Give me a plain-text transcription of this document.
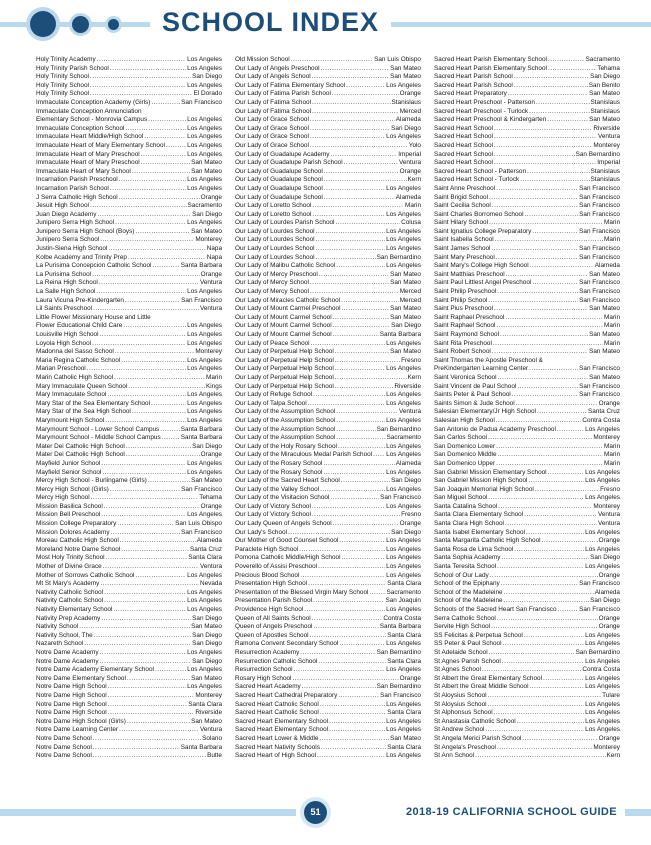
SCHOOL INDEX
Holy Trinity Academy .....	Los Angeles
Holy Trinity Parish School .....	Los Angeles
Holy Trinity School .....	San Diego
Holy Trinity School .....	Los Angeles
Holy Trinity School .....	El Dorado
Immaculate Conception Academy (Girls) .....	San Francisco
Immaculate Conception Annunciation
Elementary School - Monrovia Campus .....	Los Angeles
Immaculate Conception School .....	Los Angeles
Immaculate Heart Middle/High School .....	Los Angeles
Immaculate Heart of Mary Elementary School .....	Los Angeles
Immaculate Heart of Mary Preschool .....	Los Angeles
Immaculate Heart of Mary Preschool .....	San Mateo
Immaculate Heart of Mary School .....	San Mateo
Incarnation Parish Preschool .....	Los Angeles
Incarnation Parish School .....	Los Angeles
J Serra Catholic High School .....	Orange
Jesuit High School .....	Sacramento
Juan Diego Academy .....	San Diego
Junipero Serra High School .....	Los Angeles
Junipero Serra High School (Boys) .....	San Mateo
Junipero Serra School .....	Monterey
Justin-Siena High School .....	Napa
Kolbe Academy and Trinity Prep .....	Napa
La Purisima Concepcion Catholic School .....	Santa Barbara
La Purisima School .....	Orange
La Reina High School .....	Ventura
La Salle High School .....	Los Angeles
Laura Vicuna Pre-Kindergarten .....	San Francisco
Lil Saints Preschool .....	Ventura
Little Flower Missionary House and Little
Flower Educational Child Care .....	Los Angeles
Louisville High School .....	Los Angeles
Loyola High School .....	Los Angeles
Madonna del Sasso School .....	Monterey
Maria Regina Catholic School .....	Los Angeles
Marian Preschool .....	Los Angeles
Marin Catholic High School .....	Marin
Mary Immaculate Queen School .....	Kings
Mary Immaculate School .....	Los Angeles
Mary Star of the Sea Elementary School .....	Los Angeles
Mary Star of the Sea High School .....	Los Angeles
Marymount High School .....	Los Angeles
Marymount School - Lower School Campus .....	Santa Barbara
Marymount School - Middle School Campus .....	Santa Barbara
Mater Dei Catholic High School .....	San Diego
Mater Dei Catholic High School .....	Orange
Mayfield Junior School .....	Los Angeles
Mayfield Senior School .....	Los Angeles
Mercy High School - Burlingame (Girls) .....	San Mateo
Mercy High School (Girls) .....	San Francisco
Mercy High School .....	Tehama
Mission Basilica School .....	Orange
Mission Bell Preschool .....	Los Angeles
Mission College Preparatory .....	San Luis Obispo
Mission Dolores Academy .....	San Francisco
Moreau Catholic High School .....	Alameda
Moreland Notre Dame School .....	Santa Cruz
Most Holy Trinity School .....	Santa Clara
Mother of Divine Grace .....	Ventura
Mother of Sorrows Catholic School .....	Los Angeles
Mt St Mary's Academy .....	Nevada
Nativity Catholic School .....	Los Angeles
Nativity Catholic School .....	Los Angeles
Nativity Elementary School .....	Los Angeles
Nativity Prep Academy .....	San Diego
Nativity School .....	San Mateo
Nativity School, The .....	San Diego
Nazareth School .....	San Diego
Notre Dame Academy .....	Los Angeles
Notre Dame Academy .....	San Diego
Notre Dame Academy Elementary School .....	Los Angeles
Notre Dame Elementary School .....	San Mateo
Notre Dame High School .....	Los Angeles
Notre Dame High School .....	Monterey
Notre Dame High School .....	Santa Clara
Notre Dame High School .....	Riverside
Notre Dame High School (Girls) .....	San Mateo
Notre Dame Learning Center .....	Ventura
Notre Dame School .....	Solano
Notre Dame School .....	Santa Barbara
Notre Dame School .....	Butte
Old Mission School .....	San Luis Obispo
Our Lady of Angels Preschool .....	San Mateo
Our Lady of Angels School .....	San Mateo
Our Lady of Fatima Elementary School .....	Los Angeles
Our Lady of Fatima Parish School .....	Orange
Our Lady of Fatima School .....	Stanislaus
Our Lady of Fatima School .....	Merced
Our Lady of Grace School .....	Alameda
Our Lady of Grace School .....	San Diego
Our Lady of Grace School .....	Los Angeles
Our Lady of Grace School .....	Yolo
Our Lady of Guadalupe Academy .....	Imperial
Our Lady of Guadalupe Parish School .....	Ventura
Our Lady of Guadalupe School .....	Orange
Our Lady of Guadalupe School .....	Kern
Our Lady of Guadalupe School .....	Los Angeles
Our Lady of Guadalupe School .....	Alameda
Our Lady of Loretto School .....	Marin
Our Lady of Loretto School .....	Los Angeles
Our Lady of Lourdes Parish School .....	Colusa
Our Lady of Lourdes School .....	Los Angeles
Our Lady of Lourdes School .....	Los Angeles
Our Lady of Lourdes School .....	Los Angeles
Our Lady of Lourdes School .....	San Bernardino
Our Lady of Malibu Catholic School .....	Los Angeles
Our Lady of Mercy Preschool .....	San Mateo
Our Lady of Mercy School .....	San Mateo
Our Lady of Mercy School .....	Merced
Our Lady of Miracles Catholic School .....	Merced
Our Lady of Mount Carmel Preschool .....	San Mateo
Our Lady of Mount Carmel School .....	San Mateo
Our Lady of Mount Carmel School .....	San Diego
Our Lady of Mount Carmel School .....	Santa Barbara
Our Lady of Peace School .....	Los Angeles
Our Lady of Perpetual Help School .....	San Mateo
Our Lady of Perpetual Help School .....	Fresno
Our Lady of Perpetual Help School .....	Los Angeles
Our Lady of Perpetual Help School .....	Kern
Our Lady of Perpetual Help School .....	Riverside
Our Lady of Refuge School .....	Los Angeles
Our Lady of Talpa School .....	Los Angeles
Our Lady of the Assumption School .....	Ventura
Our Lady of the Assumption School .....	Los Angeles
Our Lady of the Assumption School .....	San Bernardino
Our Lady of the Assumption School .....	Sacramento
Our Lady of the Holy Rosary School .....	Los Angeles
Our Lady of the Miraculous Medal Parish School ..... Los Angeles
Our Lady of the Rosary School .....	Alameda
Our Lady of the Rosary School .....	Los Angeles
Our Lady of the Sacred Heart School .....	San Diego
Our Lady of the Valley School .....	Los Angeles
Our Lady of the Visitacion School .....	San Francisco
Our Lady of Victory School .....	Los Angeles
Our Lady of Victory School .....	Fresno
Our Lady Queen of Angels School .....	Orange
Our Lady's School .....	San Diego
Our Mother of Good Counsel School .....	Los Angeles
Paraclete High School .....	Los Angeles
Pomona Catholic Middle/High School .....	Los Angeles
Poverello of Assisi Preschool .....	Los Angeles
Precious Blood School .....	Los Angeles
Presentation High School .....	Santa Clara
Presentation of the Blessed Virgin Mary School .....	Sacramento
Presentation Parish School .....	San Joaquin
Providence High School .....	Los Angeles
Queen of All Saints School .....	Contra Costa
Queen of Angels Preschool .....	Santa Barbara
Queen of Apostles School .....	Santa Clara
Ramona Convent Secondary School .....	Los Angeles
Resurrection Academy .....	San Bernardino
Resurrection Catholic School .....	Santa Clara
Resurrection School .....	Los Angeles
Rosary High School .....	Orange
Sacred Heart Academy .....	San Bernardino
Sacred Heart Cathedral Preparatory .....	San Francisco
Sacred Heart Catholic School .....	Los Angeles
Sacred Heart Catholic School .....	Santa Clara
Sacred Heart Elementary School .....	Los Angeles
Sacred Heart Elementary School .....	Los Angeles
Sacred Heart Lower & Middle .....	San Mateo
Sacred Heart Nativity Schools .....	Santa Clara
Sacred Heart of High School .....	Los Angeles
Sacred Heart Parish Elementary School .....	Sacramento
Sacred Heart Parish Elementary School .....	Tehama
Sacred Heart Parish School .....	San Diego
Sacred Heart Parish School .....	San Benito
Sacred Heart Preparatory .....	San Mateo
Sacred Heart Preschool - Patterson .....	Stanislaus
Sacred Heart Preschool - Turlock .....	Stanislaus
Sacred Heart Preschool & Kindergarten .....	San Mateo
Sacred Heart School .....	Riverside
Sacred Heart School .....	Ventura
Sacred Heart School .....	Monterey
Sacred Heart School .....	San Bernardino
Sacred Heart School .....	Imperial
Sacred Heart School - Patterson .....	Stanislaus
Sacred Heart School - Turlock .....	Stanislaus
Saint Anne Preschool .....	San Francisco
Saint Brigid School .....	San Francisco
Saint Cecilia School .....	San Francisco
Saint Charles Borromeo School .....	San Francisco
Saint Hilary School .....	Marin
Saint Ignatius College Preparatory .....	San Francisco
Saint Isabella School .....	Marin
Saint James School .....	San Francisco
Saint Mary Preschool .....	San Francisco
Saint Mary's College High School .....	Alameda
Saint Matthias Preschool .....	San Mateo
Saint Paul Littlest Angel Preschool .....	San Francisco
Saint Philip Preschool .....	San Francisco
Saint Philip School .....	San Francisco
Saint Pius Preschool .....	San Mateo
Saint Raphael Preschool .....	Marin
Saint Raphael School .....	Marin
Saint Raymond School .....	San Mateo
Saint Rita Preschool .....	Marin
Saint Robert School .....	San Mateo
Saint Thomas the Apostle Preschool &
PreKindergarten Learning Center .....	San Francisco
Saint Veronica School .....	San Mateo
Saint Vincent de Paul School .....	San Francisco
Saints Peter & Paul School .....	San Francisco
Saints Simon & Jude School .....	Orange
Salesian Elementary/Jr High School .....	Santa Cruz
Salesian High School .....	Contra Costa
San Antonio de Padua Academy Preschool .....	Los Angeles
San Carlos School .....	Monterey
San Domenico Lower .....	Marin
San Domenico Middle .....	Marin
San Domenico Upper .....	Marin
San Gabriel Mission Elementary School .....	Los Angeles
San Gabriel Mission High School .....	Los Angeles
San Joaquin Memorial High School .....	Fresno
San Miguel School .....	Los Angeles
Santa Catalina School .....	Monterey
Santa Clara Elementary School .....	Ventura
Santa Clara High School .....	Ventura
Santa Isabel Elementary School .....	Los Angeles
Santa Margarita Catholic High School .....	Orange
Santa Rosa de Lima School .....	Los Angeles
Santa Sophia Academy .....	San Diego
Santa Teresita School .....	Los Angeles
School of Our Lady .....	Orange
School of the Epiphany .....	San Francisco
School of the Madeleine .....	Alameda
School of the Madeleine .....	San Diego
Schools of the Sacred Heart San Francisco .....	San Francisco
Serra Catholic School .....	Orange
Servite High School .....	Orange
SS Felicitas & Perpetua School .....	Los Angeles
SS Peter & Paul School .....	Los Angeles
St Adelaide School .....	San Bernardino
St Agnes Parish School .....	Los Angeles
St Agnes School .....	Contra Costa
St Albert the Great Elementary School .....	Los Angeles
St Albert the Great Middle School .....	Los Angeles
St Aloysius School .....	Tulare
St Aloysius School .....	Los Angeles
St Alphonsus School .....	Los Angeles
St Anastasia Catholic School .....	Los Angeles
St Andrew School .....	Los Angeles
St Angela Merici Parish School .....	Orange
St Angela's Preschool .....	Monterey
St Ann School .....	Kern
51	2018-19 CALIFORNIA SCHOOL GUIDE
